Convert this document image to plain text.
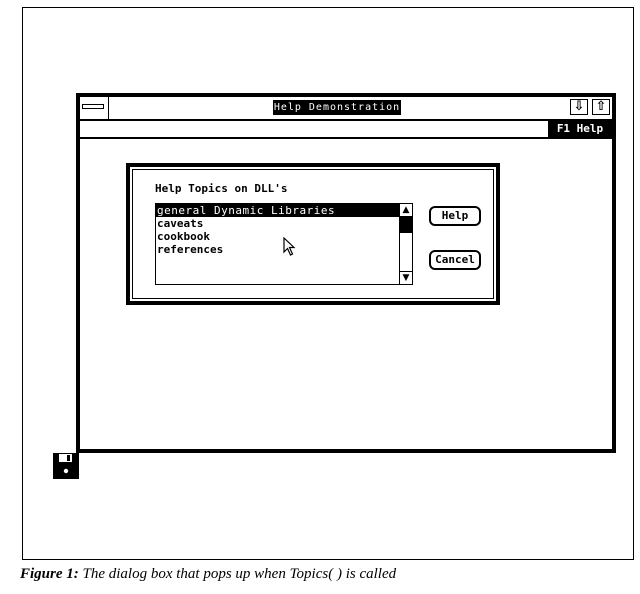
Help Demonstration	⇩ ⇧
F1 Help
Help Topics on DLL's
general Dynamic Libraries
caveats
cookbook
references
▲
▼
Help
Cancel
Figure 1: The dialog box that pops up when Topics( ) is called
